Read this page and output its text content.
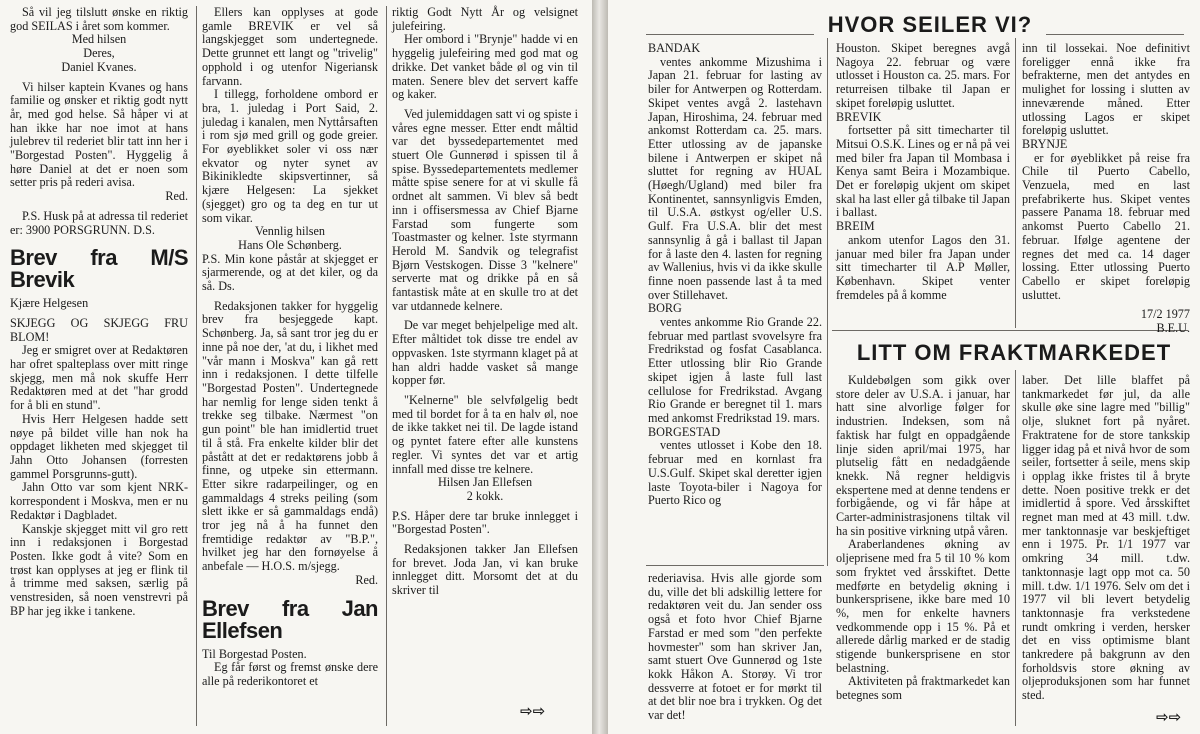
Så vil jeg tilslutt ønske en riktig god SEILAS i året som kommer.

Med hilsen

Deres,

Daniel Kvanes.

Vi hilser kaptein Kvanes og hans familie og ønsker et riktig godt nytt år, med god helse. Så håper vi at han ikke har noe imot at hans julebrev til rederiet blir tatt inn her i "Borgestad Posten". Hyggelig å høre Daniel at det er noen som setter pris på rederi avisa.

Red.

P.S. Husk på at adressa til rederiet er: 3900 PORSGRUNN. D.S.

Brev fra M/S Brevik

Kjære Helgesen

SKJEGG OG SKJEGG FRU BLOM!

Jeg er smigret over at Redaktøren har ofret spalteplass over mitt ringe skjegg, men må nok skuffe Herr Redaktøren med at det "har grodd for å bli en stund".

Hvis Herr Helgesen hadde sett nøye på bildet ville han nok ha oppdaget likheten med skjegget til Jahn Otto Johansen (forresten gammel Porsgrunns-gutt).

Jahn Otto var som kjent NRK-korrespondent i Moskva, men er nu Redaktør i Dagbladet.

Kanskje skjegget mitt vil gro rett inn i redaksjonen i Borgestad Posten. Ikke godt å vite? Som en trøst kan opplyses at jeg er flink til å trimme med saksen, særlig på venstresiden, så noen venstrevri på BP har jeg ikke i tankene.

Ellers kan opplyses at gode gamle BREVIK er vel så langskjegget som undertegnede. Dette grunnet ett langt og "trivelig" opphold i og utenfor Nigeriansk farvann.

I tillegg, forholdene ombord er bra, 1. juledag i Port Said, 2. juledag i kanalen, men Nyttårsaften i rom sjø med grill og gode greier. For øyeblikket soler vi oss nær ekvator og nyter synet av Bikinikledte skipsvertinner, så kjære Helgesen: La sjekket (sjegget) gro og ta deg en tur ut som vikar.

Vennlig hilsen

Hans Ole Schønberg.

P.S. Min kone påstår at skjegget er sjarmerende, og at det kiler, og da så. Ds.

Redaksjonen takker for hyggelig brev fra besjeggede kapt. Schønberg. Ja, så sant tror jeg du er inne på noe der, 'at du, i likhet med "vår mann i Moskva" kan gå rett inn i redaksjonen. I dette tilfelle "Borgestad Posten". Undertegnede har nemlig for lenge siden tenkt å trekke seg tilbake. Nærmest "on gun point" ble han imidlertid truet til å stå. Fra enkelte kilder blir det påstått at det er redaktørens jobb å finne, og utpeke sin ettermann. Etter sikre radarpeilinger, og en gammaldags 4 streks peiling (som slett ikke er så gammaldags endå) tror jeg nå å ha funnet den fremtidige redaktør av "B.P.", hvilket jeg har den fornøyelse å anbefale — H.O.S. m/sjegg.

Red.

Brev fra Jan Ellefsen

Til Borgestad Posten.

Eg får først og fremst ønske dere alle på rederikontoret et

riktig Godt Nytt År og velsignet julefeiring.

Her ombord i "Brynje" hadde vi en hyggelig julefeiring med god mat og drikke. Det vanket både øl og vin til maten. Senere blev det servert kaffe og kaker.

Ved julemiddagen satt vi og spiste i våres egne messer. Etter endt måltid var det byssedepartementet med stuert Ole Gunnerød i spissen til å spise. Byssedepartementets medlemer måtte spise senere for at vi skulle få ordnet alt sammen. Vi blev så bedt inn i offisersmessa av Chief Bjarne Farstad som fungerte som Toastmaster og kelner. 1ste styrmann Herold M. Sandvik og telegrafist Bjørn Vestskogen. Disse 3 "kelnere" serverte mat og drikke på en så fantastisk måte at en skulle tro at det var utdannede kelnere.

De var meget behjelpelige med alt. Efter måltidet tok disse tre endel av oppvasken. 1ste styrmann klaget på at han aldri hadde vasket så mange kopper før.

"Kelnerne" ble selvfølgelig bedt med til bordet for å ta en halv øl, noe de ikke takket nei til. De lagde istand og pyntet fatere efter alle kunstens regler. Vi syntes det var et artig innfall med disse tre kelnere.

Hilsen Jan Ellefsen

2 kokk.

P.S. Håper dere tar bruke innlegget i "Borgestad Posten".

Redaksjonen takker Jan Ellefsen for brevet. Joda Jan, vi kan bruke innlegget ditt. Morsomt det at du skriver til

⇨⇨
HVOR SEILER VI?

BANDAK

ventes ankomme Mizushima i Japan 21. februar for lasting av biler for Antwerpen og Rotterdam. Skipet ventes avgå 2. lastehavn Japan, Hiroshima, 24. februar med ankomst Rotterdam ca. 25. mars. Etter utlossing av de japanske bilene i Antwerpen er skipet nå sluttet for regning av HUAL (Høegh/Ugland) med biler fra Kontinentet, sannsynligvis Emden, til U.S.A. østkyst og/eller U.S. Gulf. Fra U.S.A. blir det mest sannsynlig å gå i ballast til Japan for å laste den 4. lasten for regning av Wallenius, hvis vi da ikke skulle finne noen passende last å ta med over Stillehavet.

BORG

ventes ankomme Rio Grande 22. februar med partlast svovelsyre fra Fredrikstad og fosfat Casablanca. Etter utlossing blir Rio Grande skipet igjen å laste full last cellulose for Fredrikstad. Avgang Rio Grande er beregnet til 1. mars med ankomst Fredrikstad 19. mars.

BORGESTAD

ventes utlosset i Kobe den 18. februar med en kornlast fra U.S.Gulf. Skipet skal deretter igjen laste Toyota-biler i Nagoya for Puerto Rico og

Houston. Skipet beregnes avgå Nagoya 22. februar og være utlosset i Houston ca. 25. mars. For returreisen tilbake til Japan er skipet foreløpig usluttet.

BREVIK

fortsetter på sitt timecharter til Mitsui O.S.K. Lines og er nå på vei med biler fra Japan til Mombasa i Kenya samt Beira i Mozambique. Det er foreløpig ukjent om skipet skal ha last eller gå tilbake til Japan i ballast.

BREIM

ankom utenfor Lagos den 31. januar med biler fra Japan under sitt timecharter til A.P Møller, København. Skipet venter fremdeles på å komme

inn til lossekai. Noe definitivt foreligger ennå ikke fra befrakterne, men det antydes en mulighet for lossing i slutten av inneværende måned. Etter utlossing Lagos er skipet foreløpig usluttet.

BRYNJE

er for øyeblikket på reise fra Chile til Puerto Cabello, Venzuela, med en last prefabrikerte hus. Skipet ventes passere Panama 18. februar med ankomst Puerto Cabello 21. februar. Ifølge agentene der regnes det med ca. 14 dager lossing. Etter utlossing Puerto Cabello er skipet foreløpig usluttet.

17/2 1977

B.E.U.

rederiavisa. Hvis alle gjorde som du, ville det bli adskillig lettere for redaktøren veit du. Jan sender oss også et foto hvor Chief Bjarne Farstad er med som "den perfekte hovmester" som han skriver Jan, samt stuert Ove Gunnerød og 1ste kokk Håkon A. Storøy. Vi tror dessverre at fotoet er for mørkt til at det blir noe bra i trykken. Og det var det!

LITT OM FRAKTMARKEDET

Kuldebølgen som gikk over store deler av U.S.A. i januar, har hatt sine alvorlige følger for industrien. Indeksen, som nå faktisk har fulgt en oppadgående linje siden april/mai 1975, har plutselig fått en nedadgående knekk. Nå regner heldigvis ekspertene med at denne tendens er forbigående, og vi får håpe at Carter-administrasjonens tiltak vil ha sin positive virkning utpå våren.

Araberlandenes økning av oljeprisene med fra 5 til 10 % kom som fryktet ved årsskiftet. Dette medførte en betydelig økning i bunkersprisene, ikke bare med 10 %, men for enkelte havners vedkommende opp i 15 %. På et allerede dårlig marked er de stadig stigende bunkersprisene en stor belastning.

Aktiviteten på fraktmarkedet kan betegnes som

laber. Det lille blaffet på tankmarkedet før jul, da alle skulle øke sine lagre med "billig" olje, sluknet fort på nyåret. Fraktratene for de store tankskip ligger idag på et nivå hvor de som seiler, fortsetter å seile, mens skip i opplag ikke fristes til å bryte dette. Noen positive trekk er det imidlertid å spore. Ved årsskiftet regnet man med at 43 mill. t.dw. mer tanktonnasje var beskjeftiget enn i 1975. Pr. 1/1 1977 var omkring 34 mill. t.dw. tanktonnasje lagt opp mot ca. 50 mill. t.dw. 1/1 1976. Selv om det i 1977 vil bli levert betydelig tanktonnasje fra verkstedene rundt omkring i verden, hersker det en viss optimisme blant tankredere på bakgrunn av den forholdsvis store økning av oljeproduksjonen som har funnet sted.

⇨⇨
